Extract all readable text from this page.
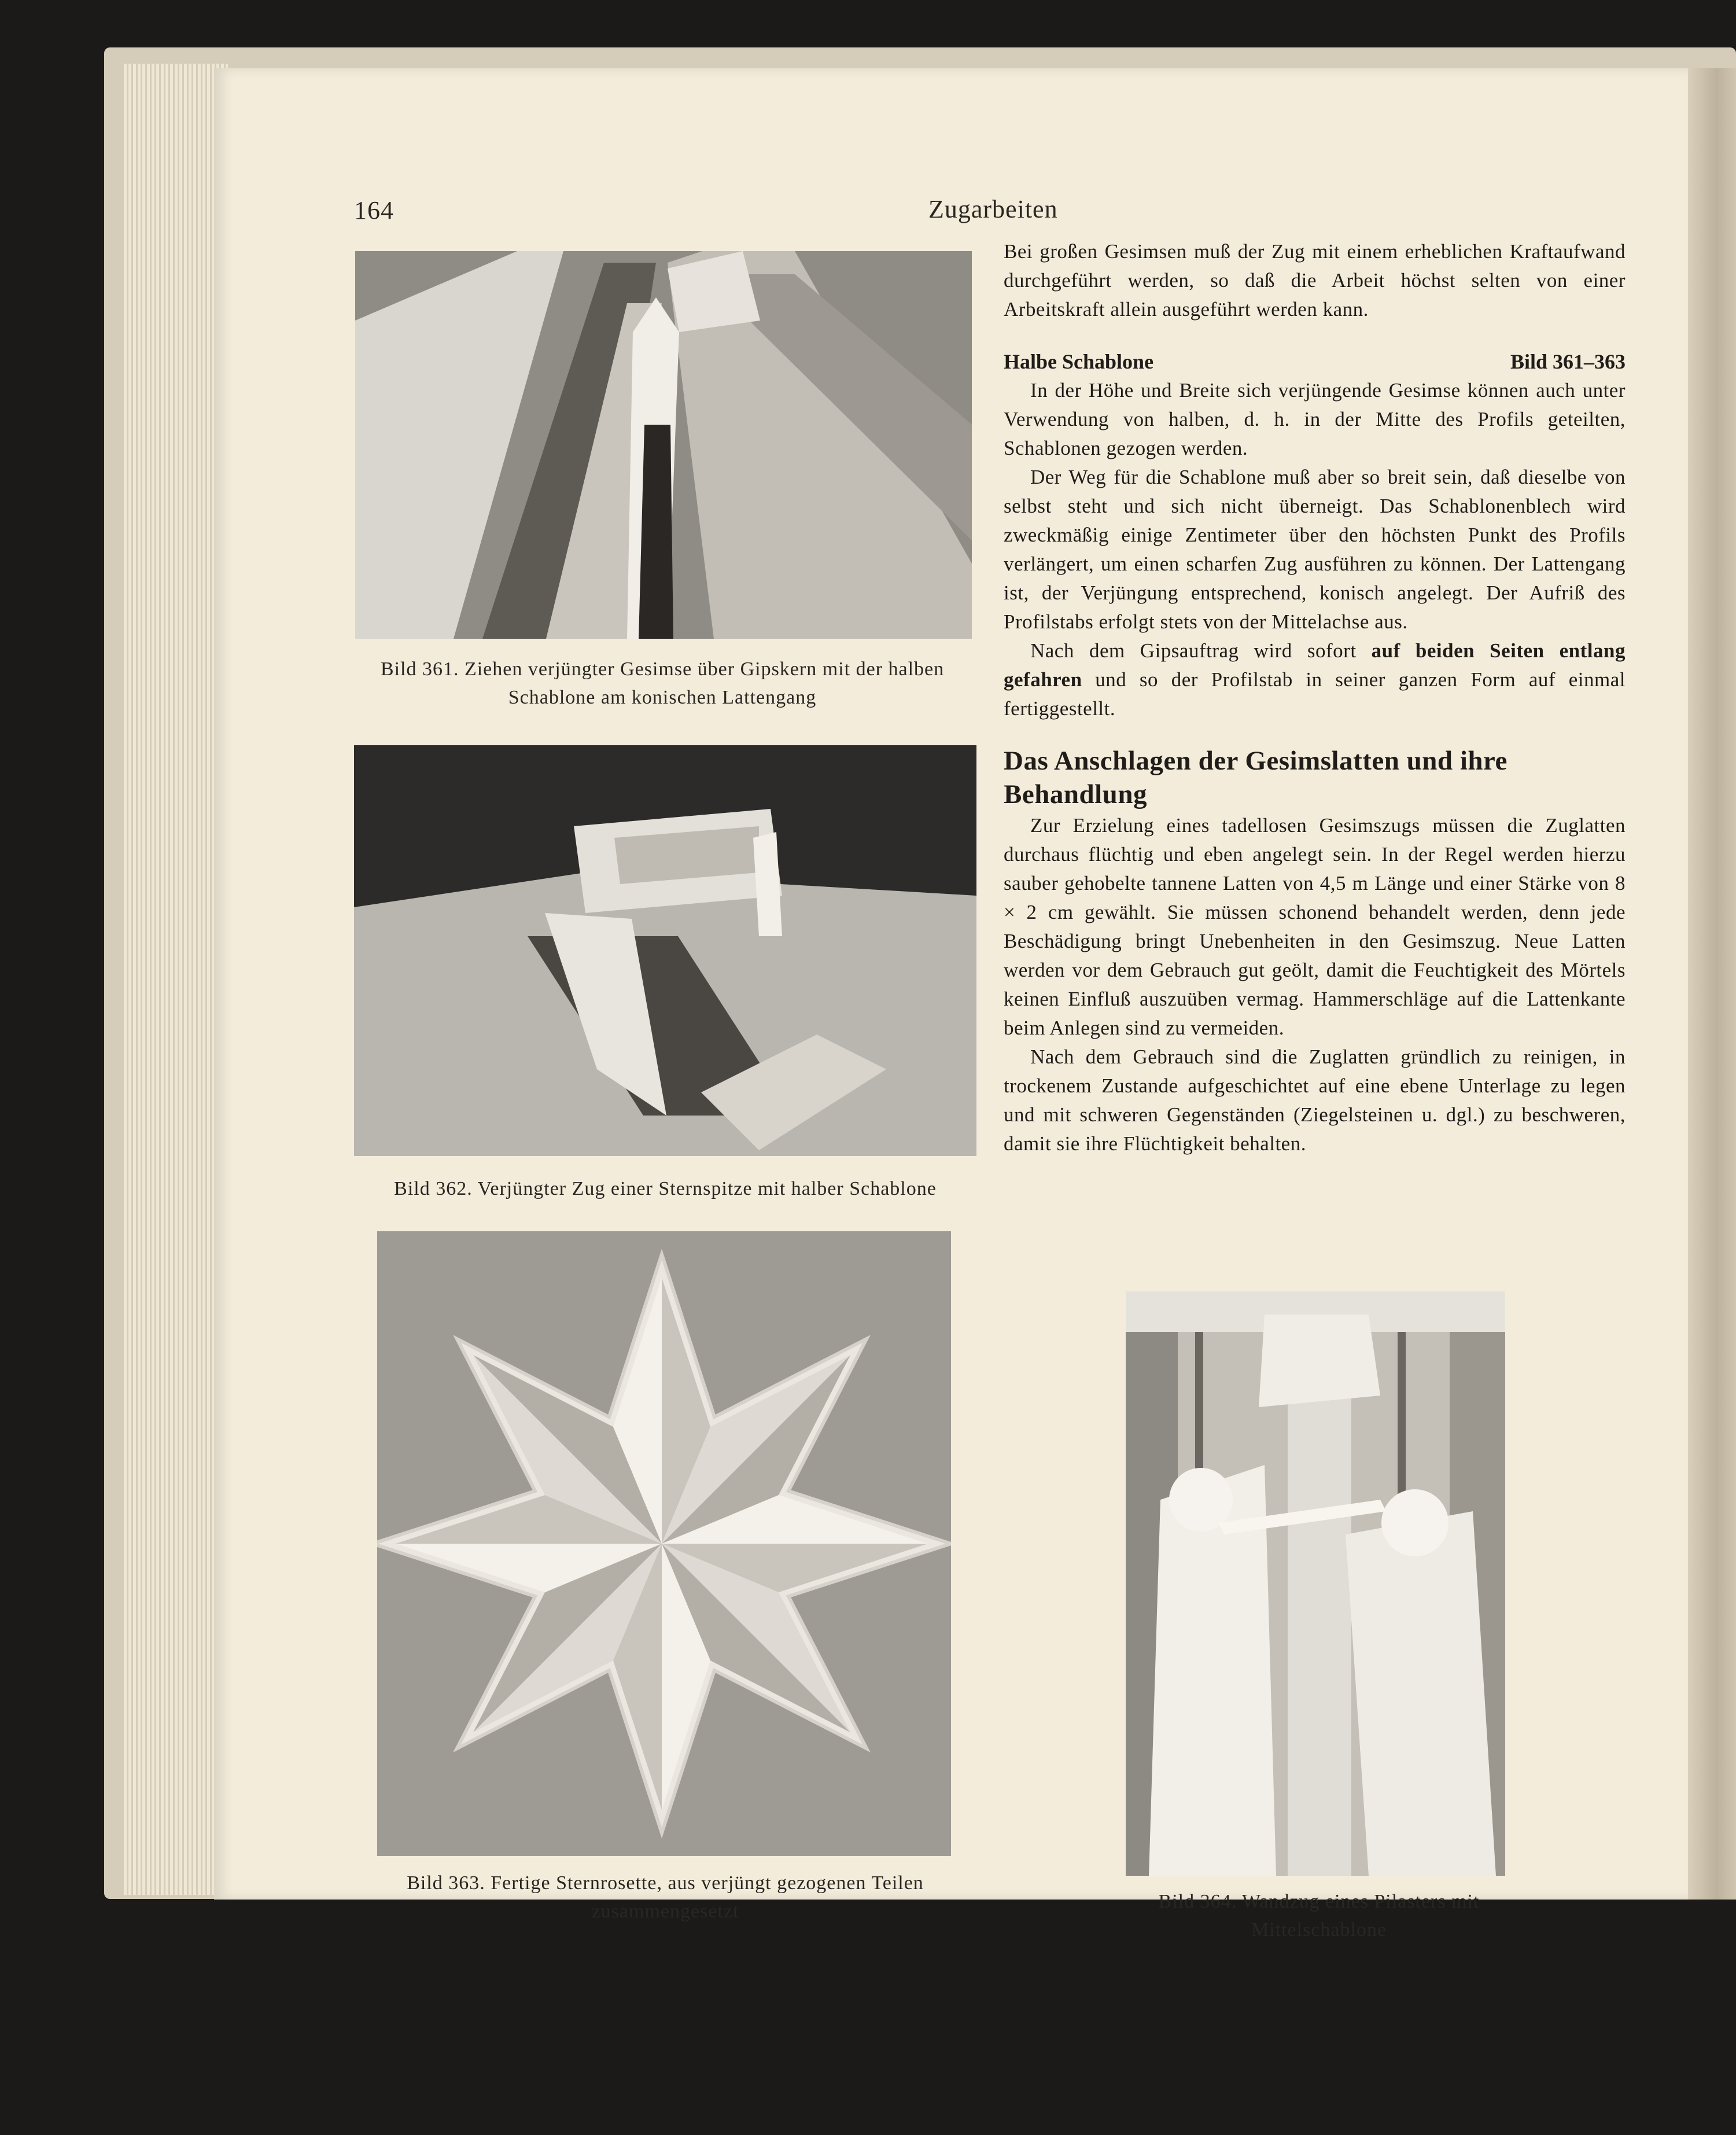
164	Zugarbeiten
Bild 361. Ziehen verjüngter Gesimse über Gipskern mit der halben Schablone am konischen Lattengang
Bild 362. Verjüngter Zug einer Sternspitze mit halber Schablone
Bild 363. Fertige Sternrosette, aus verjüngt gezogenen Teilen zusammengesetzt	Bild 364. Wandzug eines Pilasters mit Mittelschablone

Bei großen Gesimsen muß der Zug mit einem erheblichen Kraftaufwand durchgeführt werden, so daß die Arbeit höchst selten von einer Arbeitskraft allein ausgeführt werden kann.

Halbe Schablone	Bild 361–363

In der Höhe und Breite sich verjüngende Gesimse können auch unter Verwendung von halben, d. h. in der Mitte des Profils geteilten, Schablonen gezogen werden.

Der Weg für die Schablone muß aber so breit sein, daß dieselbe von selbst steht und sich nicht überneigt. Das Schablonenblech wird zweckmäßig einige Zentimeter über den höchsten Punkt des Profils verlängert, um einen scharfen Zug ausführen zu können. Der Lattengang ist, der Verjüngung entsprechend, konisch angelegt. Der Aufriß des Profilstabs erfolgt stets von der Mittelachse aus.

Nach dem Gipsauftrag wird sofort auf beiden Seiten entlang gefahren und so der Profilstab in seiner ganzen Form auf einmal fertiggestellt.

Das Anschlagen der Gesimslatten und ihre Behandlung

Zur Erzielung eines tadellosen Gesimszugs müssen die Zuglatten durchaus flüchtig und eben angelegt sein. In der Regel werden hierzu sauber gehobelte tannene Latten von 4,5 m Länge und einer Stärke von 8 × 2 cm gewählt. Sie müssen schonend behandelt werden, denn jede Beschädigung bringt Unebenheiten in den Gesimszug. Neue Latten werden vor dem Gebrauch gut geölt, damit die Feuchtigkeit des Mörtels keinen Einfluß auszuüben vermag. Hammerschläge auf die Lattenkante beim Anlegen sind zu vermeiden.

Nach dem Gebrauch sind die Zuglatten gründlich zu reinigen, in trockenem Zustande aufgeschichtet auf eine ebene Unterlage zu legen und mit schweren Gegenständen (Ziegelsteinen u. dgl.) zu beschweren, damit sie ihre Flüchtigkeit behalten.
